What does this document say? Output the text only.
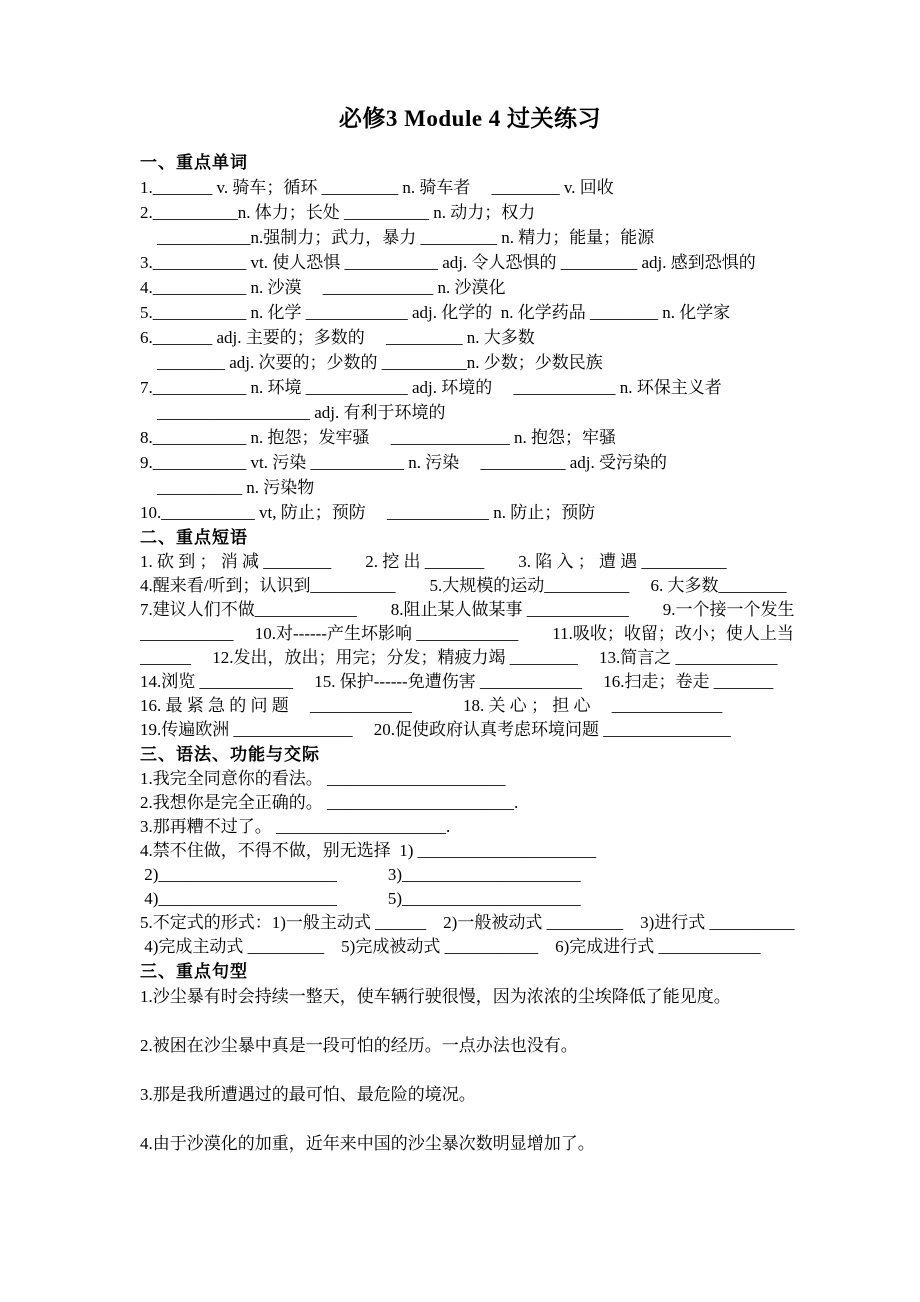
必修3 Module 4 过关练习
一、重点单词
1._______ v. 骑车；循环 _________ n. 骑车者　 ________ v. 回收
2.__________n. 体力；长处 __________ n. 动力；权力
　___________n.强制力；武力，暴力 _________ n. 精力；能量；能源
3.___________ vt. 使人恐惧 ___________ adj. 令人恐惧的 _________ adj. 感到恐惧的
4.___________ n. 沙漠 　_____________ n. 沙漠化
5.___________ n. 化学 ____________ adj. 化学的  n. 化学药品 ________ n. 化学家
6._______ adj. 主要的；多数的 　_________ n. 大多数
　________ adj. 次要的；少数的 __________n. 少数；少数民族
7.___________ n. 环境 ____________ adj. 环境的 　____________ n. 环保主义者
　__________________ adj. 有利于环境的
8.___________ n. 抱怨；发牢骚 　______________ n. 抱怨；牢骚
9.___________ vt. 污染 ___________ n. 污染 　__________ adj. 受污染的
　__________ n. 污染物
10.___________ vt, 防止；预防 　____________ n. 防止；预防
二、重点短语
1. 砍 到 ； 消 减 ________　　2. 挖 出 _______　　3. 陷 入 ； 遭 遇 __________
4.醒来看/听到；认识到__________　　5.大规模的运动__________　 6. 大多数________
7.建议人们不做____________　　8.阻止某人做某事 ____________　　9.一个接一个发生
___________　 10.对------产生坏影响 ____________　　11.吸收；收留；改小；使人上当
______　 12.发出，放出；用完；分发；精疲力竭 ________　 13.简言之 ____________
14.浏览 ___________　 15. 保护------免遭伤害 ____________　 16.扫走；卷走 _______
16. 最 紧 急 的 问 题 　____________　　　18. 关 心 ； 担 心 　_____________
19.传遍欧洲 ______________　 20.促使政府认真考虑环境问题 _______________
三、语法、功能与交际
1.我完全同意你的看法。 _____________________
2.我想你是完全正确的。 ______________________.
3.那再糟不过了。 ____________________.
4.禁不住做，不得不做，别无选择  1) _____________________
2)_____________________　　　3)_____________________
4)_____________________　　　5)_____________________
5.不定式的形式：1)一般主动式 ______　2)一般被动式 _________　3)进行式 __________
4)完成主动式 _________　5)完成被动式 ___________　6)完成进行式 ____________
三、重点句型
1.沙尘暴有时会持续一整天，使车辆行驶很慢，因为浓浓的尘埃降低了能见度。
2.被困在沙尘暴中真是一段可怕的经历。一点办法也没有。
3.那是我所遭遇过的最可怕、最危险的境况。
4.由于沙漠化的加重，近年来中国的沙尘暴次数明显增加了。
